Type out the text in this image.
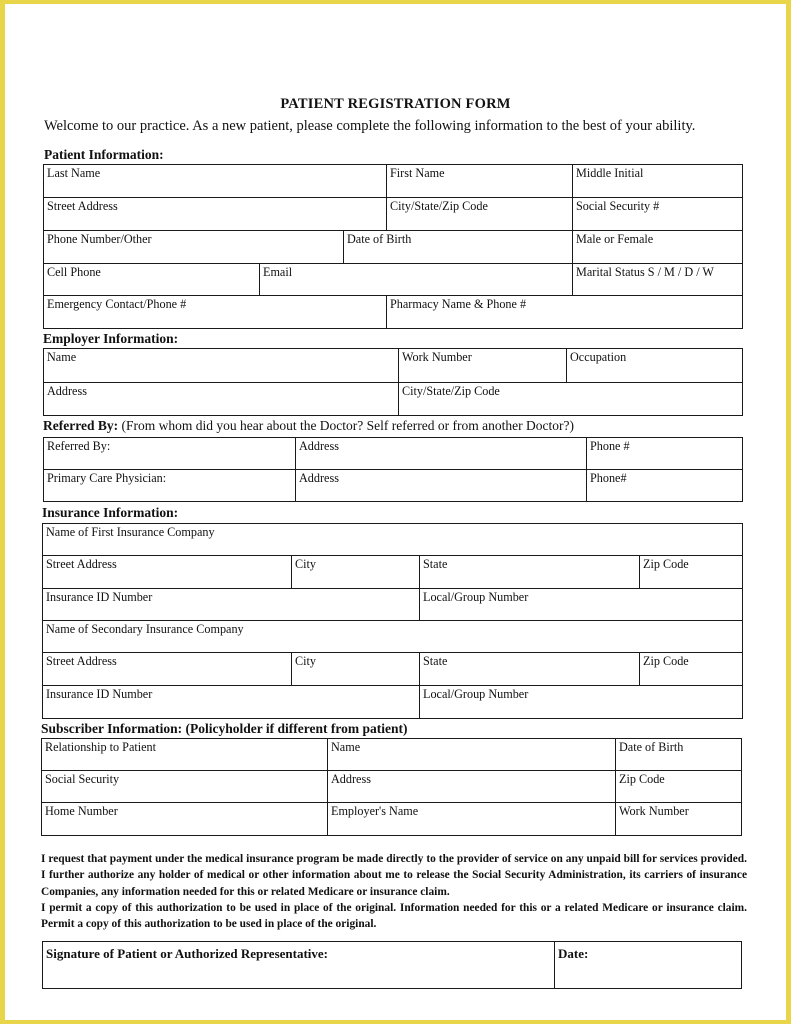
PATIENT REGISTRATION FORM
Welcome to our practice. As a new patient, please complete the following information to the best of your ability.
Patient Information:
Last Name			First Name	Middle Initial
Street Address			City/State/Zip Code	Social Security #
Phone Number/Other		Date of Birth		Male or Female
Cell Phone	Email			Marital Status S / M / D / W
Emergency Contact/Phone #			Pharmacy Name & Phone #	
Employer Information:
Name	Work Number	Occupation
Address	City/State/Zip Code	
Referred By: (From whom did you hear about the Doctor? Self referred or from another Doctor?)
Referred By:	Address	Phone #
Primary Care Physician:	Address	Phone#
Insurance Information:
Name of First Insurance Company			
Street Address	City	State	Zip Code
Insurance ID Number		Local/Group Number	
Name of Secondary Insurance Company			
Street Address	City	State	Zip Code
Insurance ID Number		Local/Group Number	
Subscriber Information: (Policyholder if different from patient)
Relationship to Patient	Name	Date of Birth
Social Security	Address	Zip Code
Home Number	Employer's Name	Work Number

I request that payment under the medical insurance program be made directly to the provider of service on any unpaid bill for services provided. I further authorize any holder of medical or other information about me to release the Social Security Administration, its carriers of insurance Companies, any information needed for this or related Medicare or insurance claim.

I permit a copy of this authorization to be used in place of the original. Information needed for this or a related Medicare or insurance claim. Permit a copy of this authorization to be used in place of the original.

Signature of Patient or Authorized Representative:	Date:
